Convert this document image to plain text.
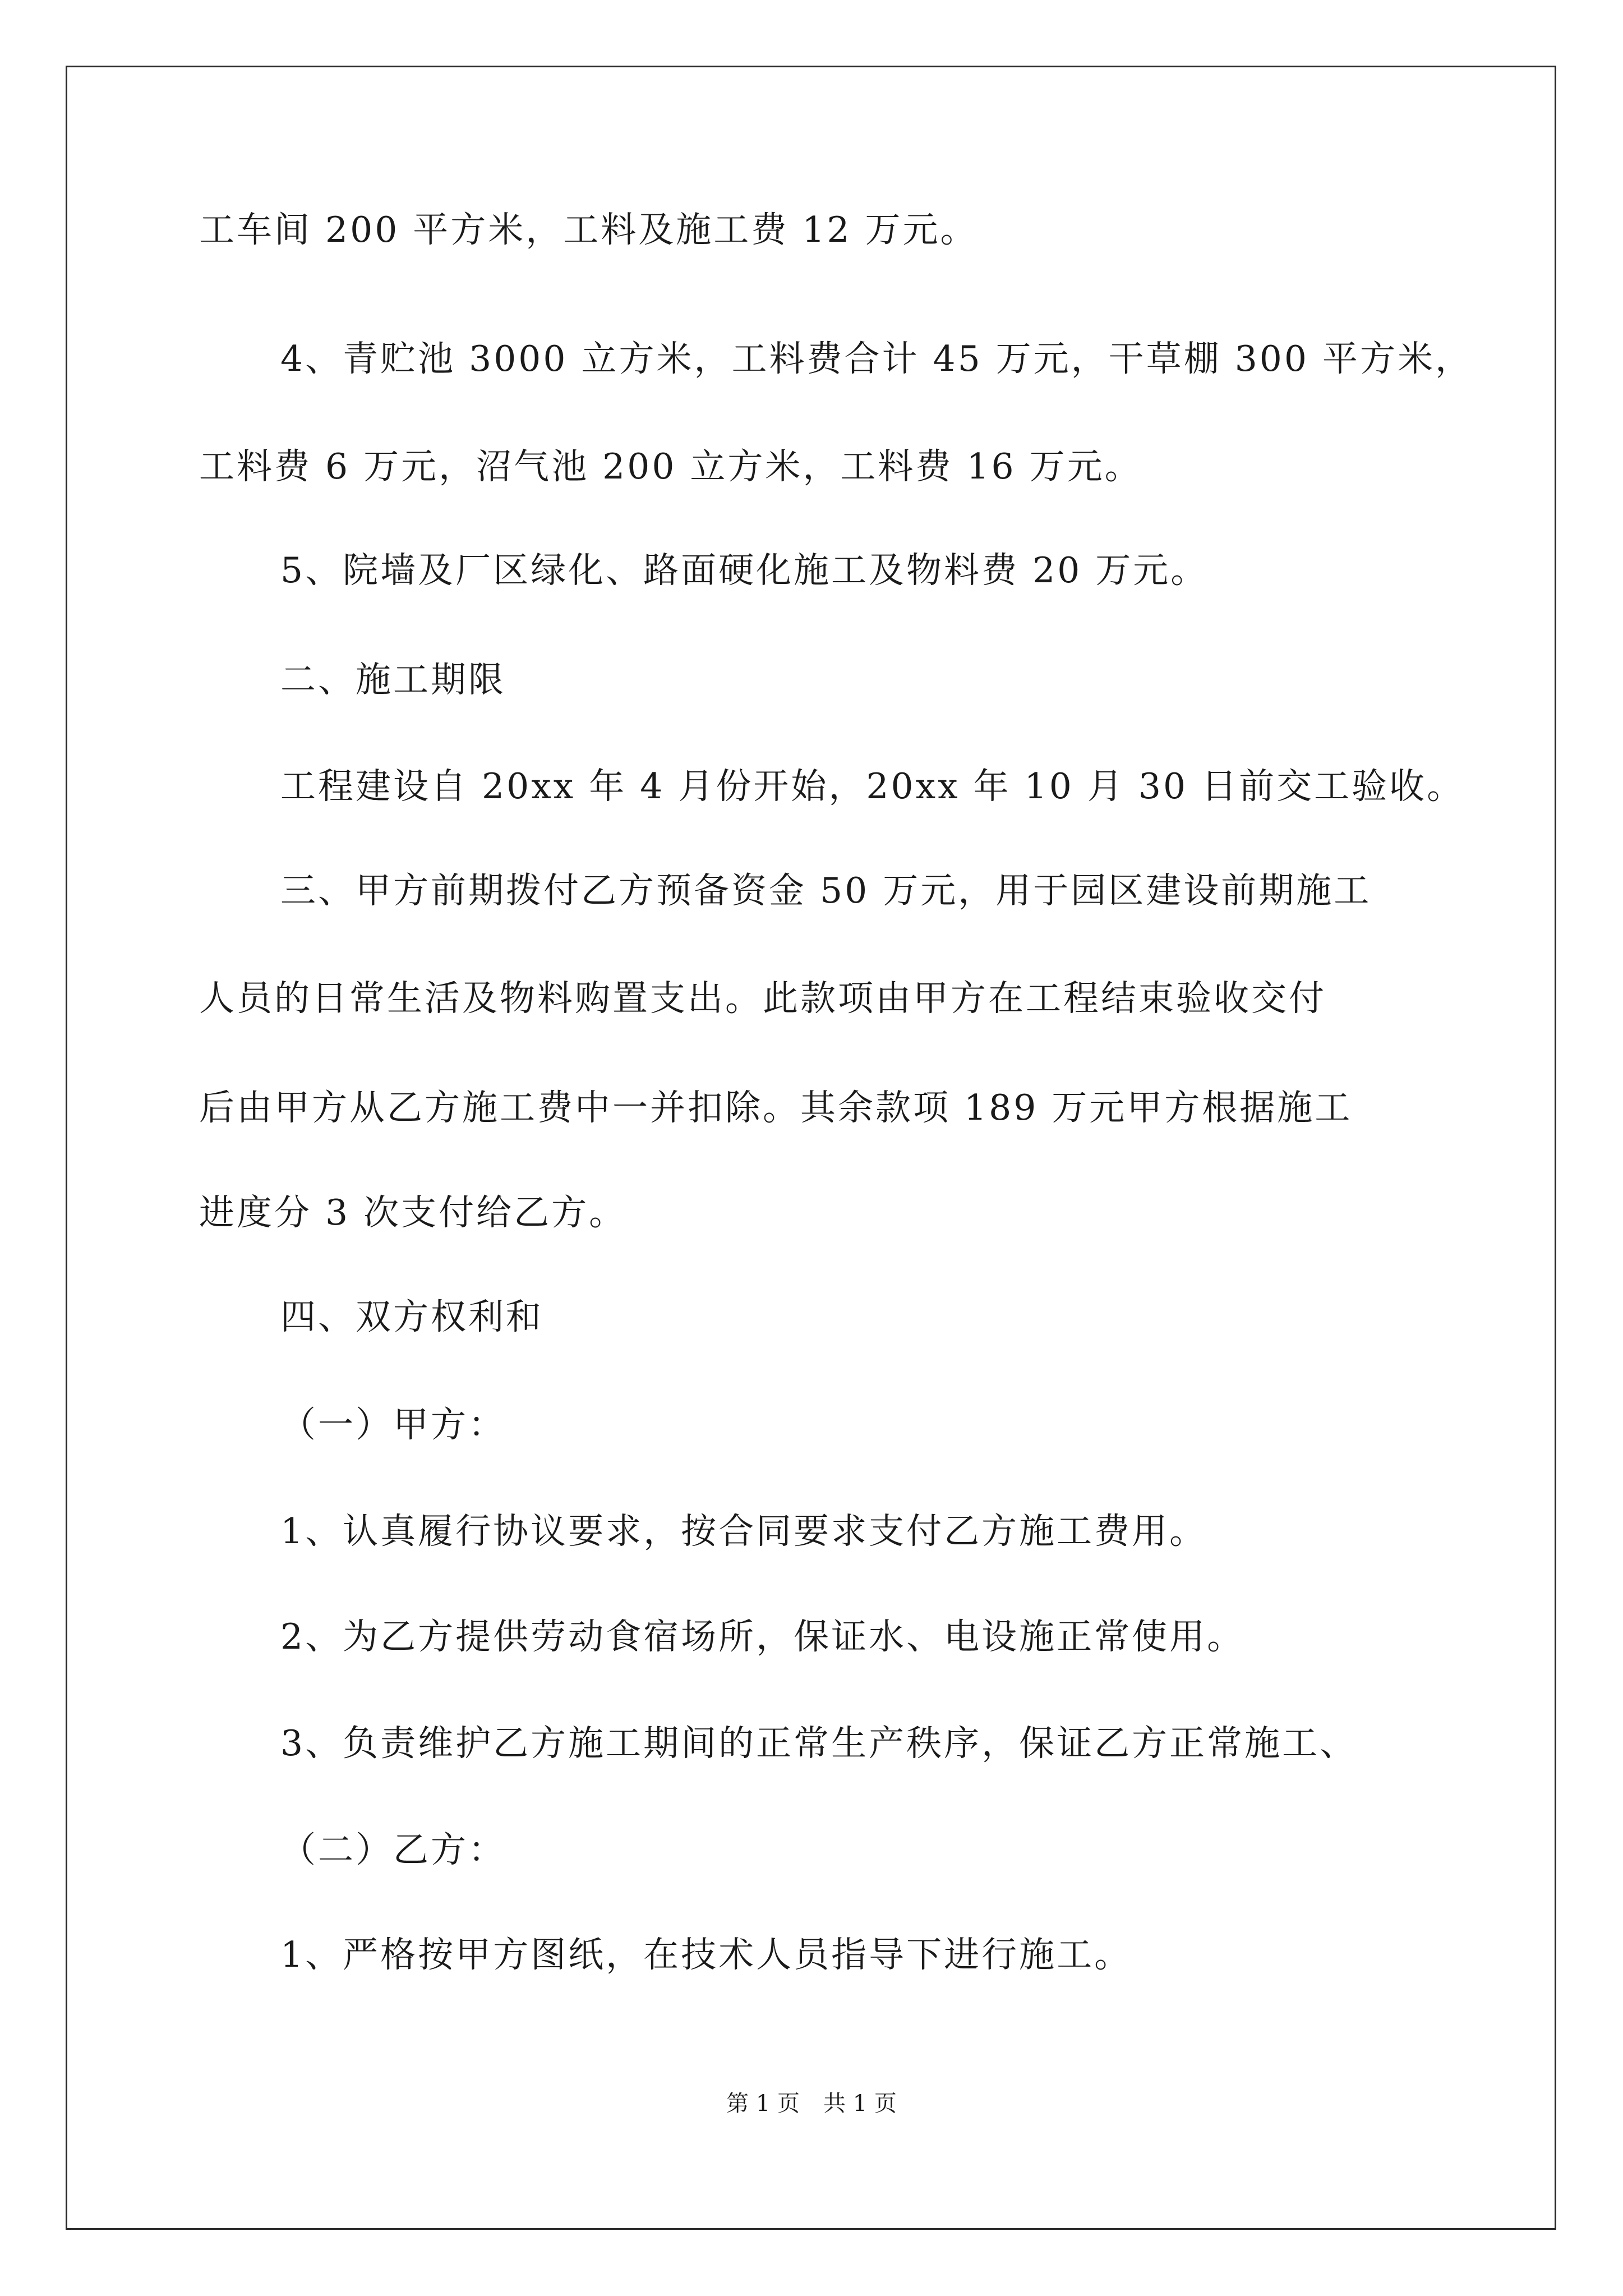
工车间 200 平方米，工料及施工费 12 万元。
4、青贮池 3000 立方米，工料费合计 45 万元，干草棚 300 平方米，
工料费 6 万元，沼气池 200 立方米，工料费 16 万元。
5、院墙及厂区绿化、路面硬化施工及物料费 20 万元。
二、施工期限
工程建设自 20xx 年 4 月份开始，20xx 年 10 月 30 日前交工验收。
三、甲方前期拨付乙方预备资金 50 万元，用于园区建设前期施工
人员的日常生活及物料购置支出。此款项由甲方在工程结束验收交付
后由甲方从乙方施工费中一并扣除。其余款项 189 万元甲方根据施工
进度分 3 次支付给乙方。
四、双方权利和
（一）甲方：
1、认真履行协议要求，按合同要求支付乙方施工费用。
2、为乙方提供劳动食宿场所，保证水、电设施正常使用。
3、负责维护乙方施工期间的正常生产秩序，保证乙方正常施工、
（二）乙方：
1、严格按甲方图纸，在技术人员指导下进行施工。
第 1 页 共 1 页
